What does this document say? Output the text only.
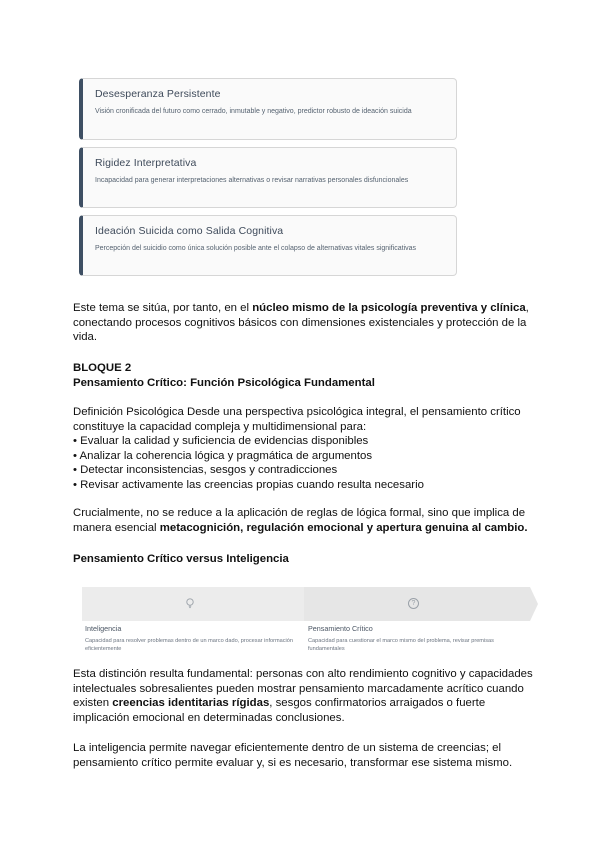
Desesperanza Persistente

Visión cronificada del futuro como cerrado, inmutable y negativo, predictor robusto de ideación suicida

Rigidez Interpretativa

Incapacidad para generar interpretaciones alternativas o revisar narrativas personales disfuncionales

Ideación Suicida como Salida Cognitiva

Percepción del suicidio como única solución posible ante el colapso de alternativas vitales significativas

Este tema se sitúa, por tanto, en el núcleo mismo de la psicología preventiva y clínica, conectando procesos cognitivos básicos con dimensiones existenciales y protección de la vida.

BLOQUE 2

Pensamiento Crítico: Función Psicológica Fundamental

Definición Psicológica Desde una perspectiva psicológica integral, el pensamiento crítico constituye la capacidad compleja y multidimensional para:

• Evaluar la calidad y suficiencia de evidencias disponibles

• Analizar la coherencia lógica y pragmática de argumentos

• Detectar inconsistencias, sesgos y contradicciones

• Revisar activamente las creencias propias cuando resulta necesario

Crucialmente, no se reduce a la aplicación de reglas de lógica formal, sino que implica de manera esencial metacognición, regulación emocional y apertura genuina al cambio.

Pensamiento Crítico versus Inteligencia

?
Inteligencia

Capacidad para resolver problemas dentro de un marco dado, procesar información eficientemente

Pensamiento Crítico

Capacidad para cuestionar el marco mismo del problema, revisar premisas fundamentales

Esta distinción resulta fundamental: personas con alto rendimiento cognitivo y capacidades intelectuales sobresalientes pueden mostrar pensamiento marcadamente acrítico cuando existen creencias identitarias rígidas, sesgos confirmatorios arraigados o fuerte implicación emocional en determinadas conclusiones.

La inteligencia permite navegar eficientemente dentro de un sistema de creencias; el pensamiento crítico permite evaluar y, si es necesario, transformar ese sistema mismo.
